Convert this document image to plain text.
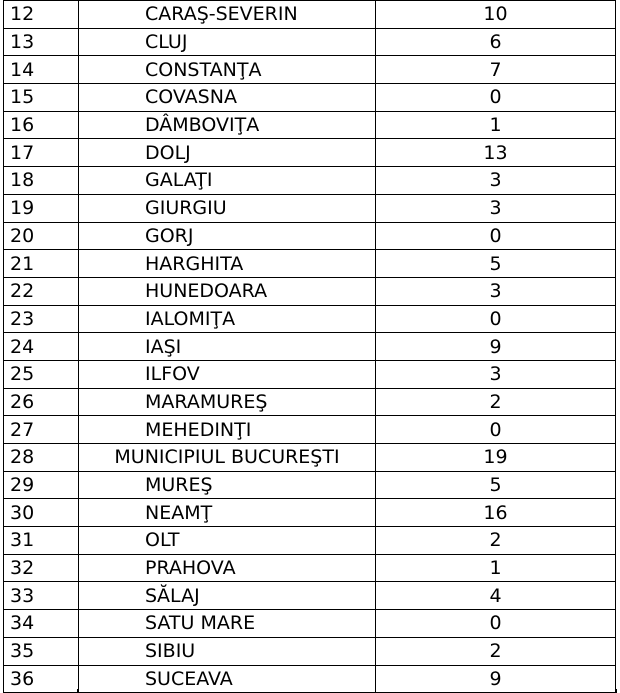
12	CARAŞ-SEVERIN	10
13	CLUJ	6
14	CONSTANŢA	7
15	COVASNA	0
16	DÂMBOVIŢA	1
17	DOLJ	13
18	GALAŢI	3
19	GIURGIU	3
20	GORJ	0
21	HARGHITA	5
22	HUNEDOARA	3
23	IALOMIŢA	0
24	IAŞI	9
25	ILFOV	3
26	MARAMUREŞ	2
27	MEHEDINŢI	0
28	MUNICIPIUL BUCUREŞTI	19
29	MUREŞ	5
30	NEAMŢ	16
31	OLT	2
32	PRAHOVA	1
33	SĂLAJ	4
34	SATU MARE	0
35	SIBIU	2
36	SUCEAVA	9
